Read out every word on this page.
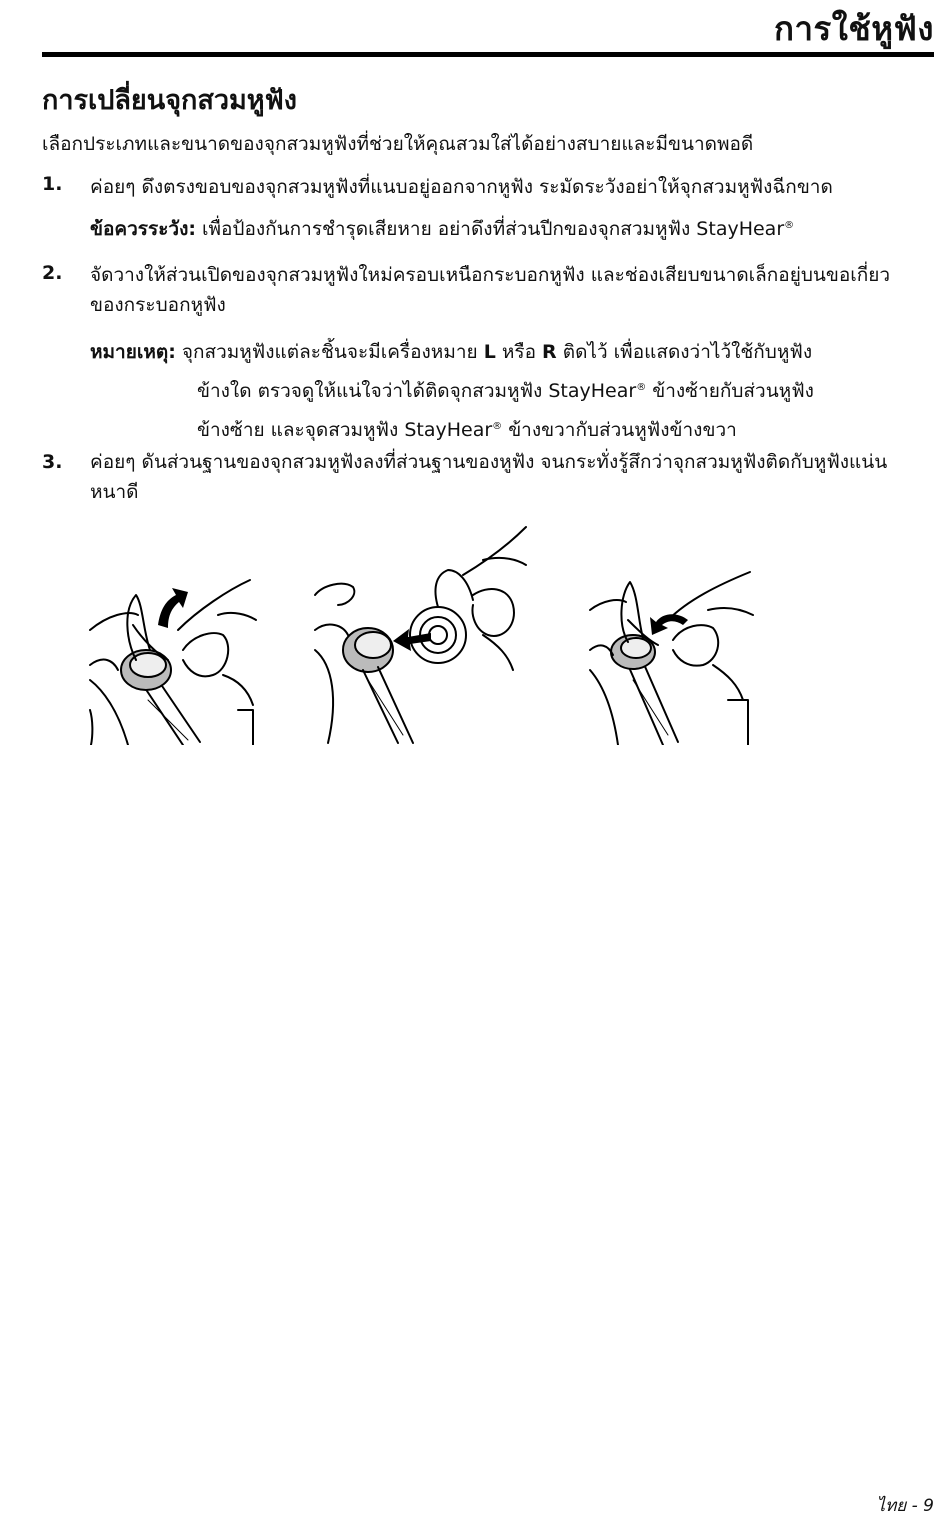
การใช้หูฟัง
การเปลี่ยนจุกสวมหูฟัง
เลือกประเภทและขนาดของจุกสวมหูฟังที่ช่วยให้คุณสวมใส่ได้อย่างสบายและมีขนาดพอดี
1. ค่อยๆ ดึงตรงขอบของจุกสวมหูฟังที่แนบอยู่ออกจากหูฟัง ระมัดระวังอย่าให้จุกสวมหูฟังฉีกขาด
ข้อควรระวัง: เพื่อป้องกันการชำรุดเสียหาย อย่าดึงที่ส่วนปีกของจุกสวมหูฟัง StayHear®
2. จัดวางให้ส่วนเปิดของจุกสวมหูฟังใหม่ครอบเหนือกระบอกหูฟัง และช่องเสียบขนาดเล็กอยู่บนขอเกี่ยวของกระบอกหูฟัง
หมายเหตุ: จุกสวมหูฟังแต่ละชิ้นจะมีเครื่องหมาย L หรือ R ติดไว้ เพื่อแสดงว่าไว้ใช้กับหูฟัง
ข้างใด ตรวจดูให้แน่ใจว่าได้ติดจุกสวมหูฟัง StayHear® ข้างซ้ายกับส่วนหูฟัง
ข้างซ้าย และจุดสวมหูฟัง StayHear® ข้างขวากับส่วนหูฟังข้างขวา
3. ค่อยๆ ดันส่วนฐานของจุกสวมหูฟังลงที่ส่วนฐานของหูฟัง จนกระทั่งรู้สึกว่าจุกสวมหูฟังติดกับหูฟังแน่นหนาดี
ไทย - 9
